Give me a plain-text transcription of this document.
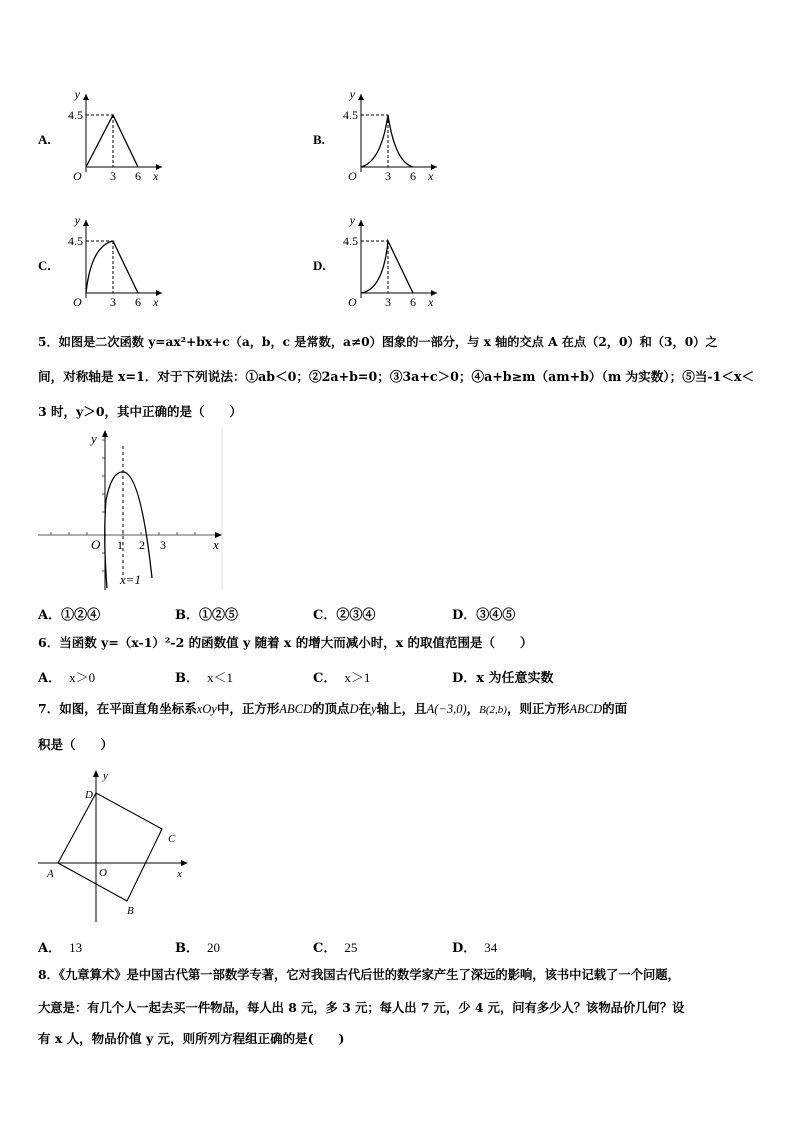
A.
y
4.5
O 3 6 x
B.
y
4.5
O 3 6 x
C.
y
4.5
O 3 6 x
D.
y
4.5
O 3 6 x
5．如图是二次函数 y=ax²+bx+c（a，b，c 是常数，a≠0）图象的一部分，与 x 轴的交点 A 在点（2，0）和（3，0）之
间，对称轴是 x=1．对于下列说法：①ab＜0；②2a+b=0；③3a+c＞0；④a+b≥m（am+b）（m 为实数）；⑤当-1＜x＜
3 时，y＞0，其中正确的是（　　）
y
O 1 2 3	x
x=1
A．①②④	B．①②⑤	C．②③④	D．③④⑤
6．当函数 y=（x-1）²-2 的函数值 y 随着 x 的增大而减小时，x 的取值范围是（　　）
A． x＞0	B． x＜1	C． x＞1	D．x 为任意实数
7．如图，在平面直角坐标系xOy中，正方形ABCD的顶点D在y轴上，且A(−3,0)，B(2,b)，则正方形ABCD的面
积是（　　）
y
x
O
A
B
C
D
A． 13	B． 20	C． 25	D． 34
8．《九章算术》是中国古代第一部数学专著，它对我国古代后世的数学家产生了深远的影响，该书中记载了一个问题，
大意是：有几个人一起去买一件物品，每人出 8 元，多 3 元；每人出 7 元，少 4 元，问有多少人？该物品价几何？设
有 x 人，物品价值 y 元，则所列方程组正确的是(　　)
